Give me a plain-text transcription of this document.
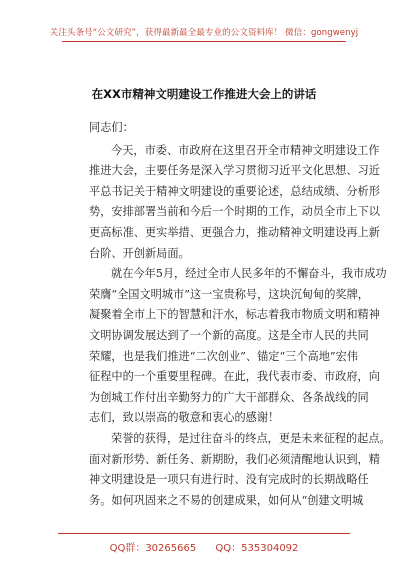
关注头条号“公文研究”，获得最新最全最专业的公文资料库！ 微信：gongwenyj
在XX市精神文明建设工作推进大会上的讲话
同志们：
今天，市委、市政府在这里召开全市精神文明建设工作
推进大会，主要任务是深入学习贯彻习近平文化思想、习近
平总书记关于精神文明建设的重要论述，总结成绩、分析形
势，安排部署当前和今后一个时期的工作，动员全市上下以
更高标准、更实举措、更强合力，推动精神文明建设再上新
台阶、开创新局面。
就在今年5月，经过全市人民多年的不懈奋斗，我市成功
荣膺“全国文明城市”这一宝贵称号，这块沉甸甸的奖牌，
凝聚着全市上下的智慧和汗水，标志着我市物质文明和精神
文明协调发展达到了一个新的高度。这是全市人民的共同
荣耀，也是我们推进“二次创业”、锚定“三个高地”宏伟
征程中的一个重要里程碑。在此，我代表市委、市政府，向
为创城工作付出辛勤努力的广大干部群众、各条战线的同
志们，致以崇高的敬意和衷心的感谢！
荣誉的获得，是过往奋斗的终点，更是未来征程的起点。
面对新形势、新任务、新期盼，我们必须清醒地认识到，精
神文明建设是一项只有进行时、没有完成时的长期战略任
务。如何巩固来之不易的创建成果，如何从“创建文明城
QQ群：30265665 QQ：535304092
